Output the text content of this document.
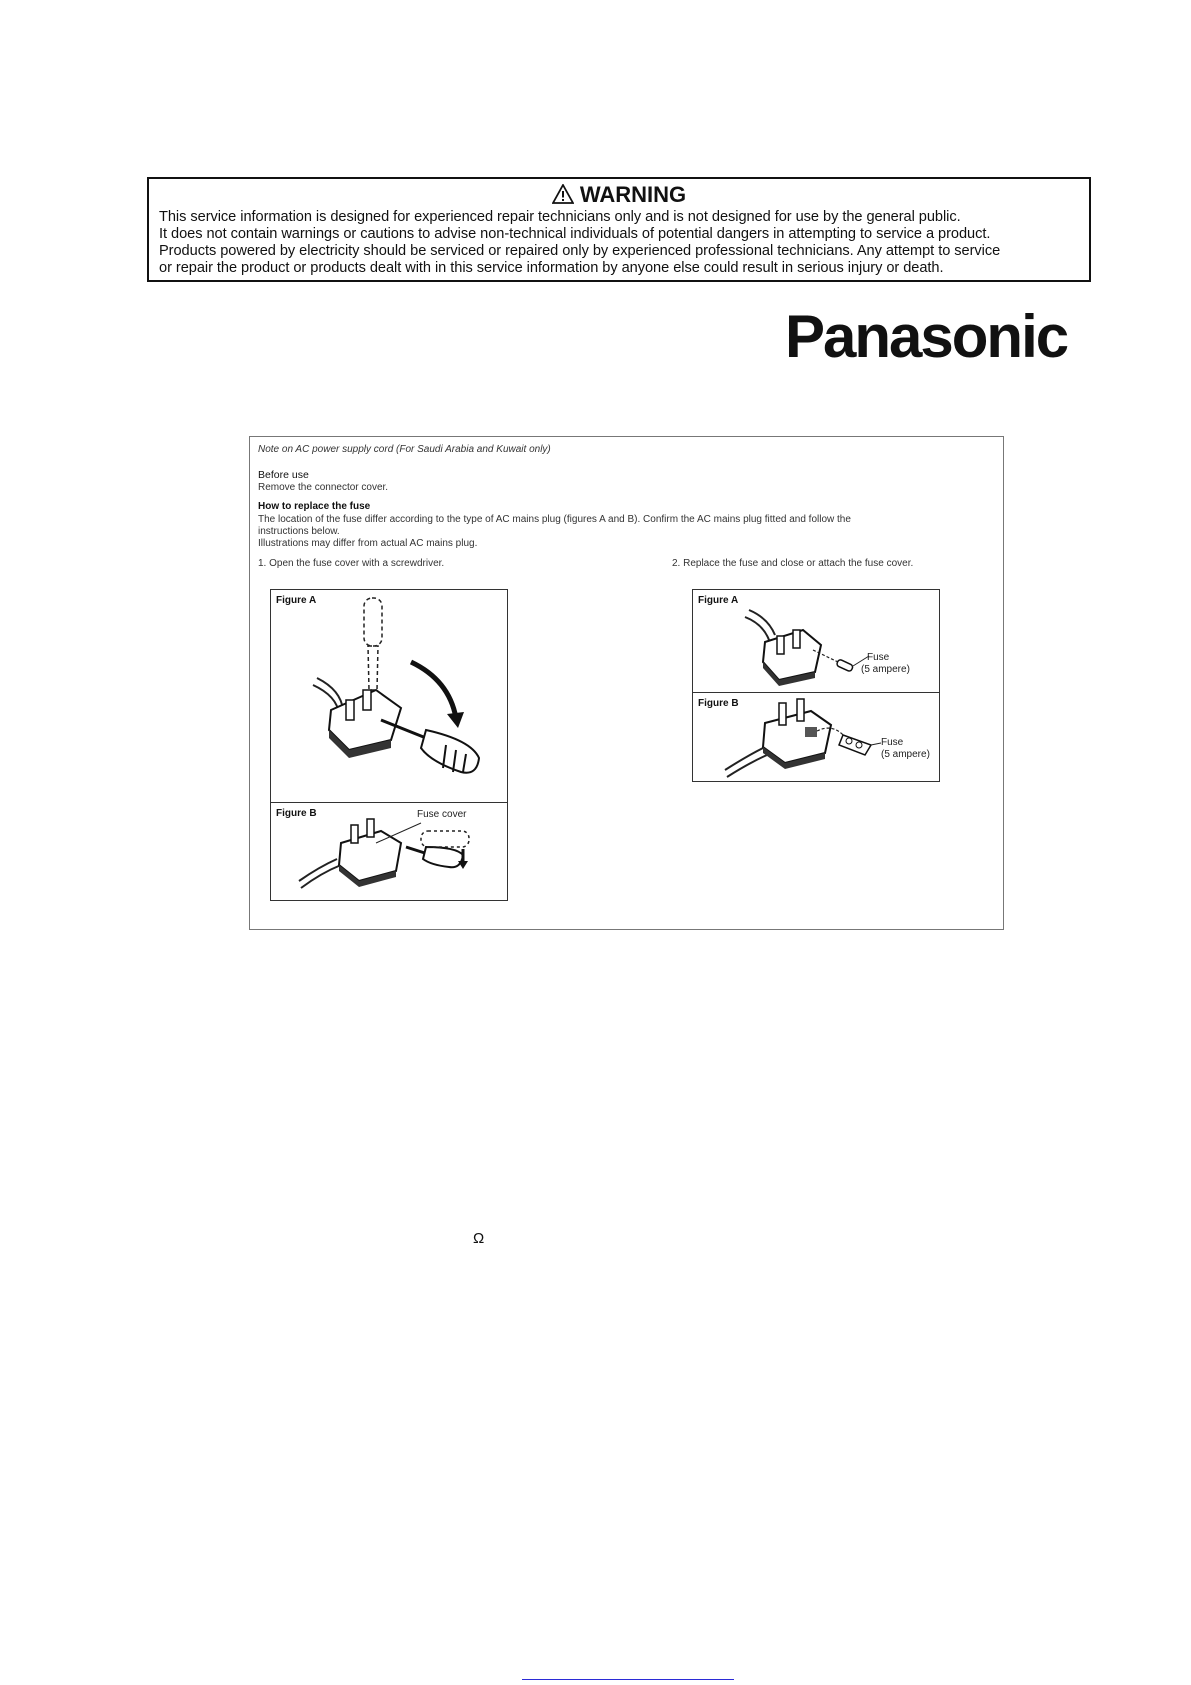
WARNING
This service information is designed for experienced repair technicians only and is not designed for use by the general public.
It does not contain warnings or cautions to advise non-technical individuals of potential dangers in attempting to service a product.
Products powered by electricity should be serviced or repaired only by experienced professional technicians. Any attempt to service
or repair the product or products dealt with in this service information by anyone else could result in serious injury or death.
Panasonic
Note on AC power supply cord (For Saudi Arabia and Kuwait only)
Before use
Remove the connector cover.
How to replace the fuse
The location of the fuse differ according to the type of AC mains plug (figures A and B). Confirm the AC mains plug fitted and follow the
instructions below.
Illustrations may differ from actual AC mains plug.
1. Open the fuse cover with a screwdriver.	2. Replace the fuse and close or attach the fuse cover.
Figure A
Figure B	Fuse cover
Figure A
Fuse
(5 ampere)
Figure B
Fuse
(5 ampere)
Ω
